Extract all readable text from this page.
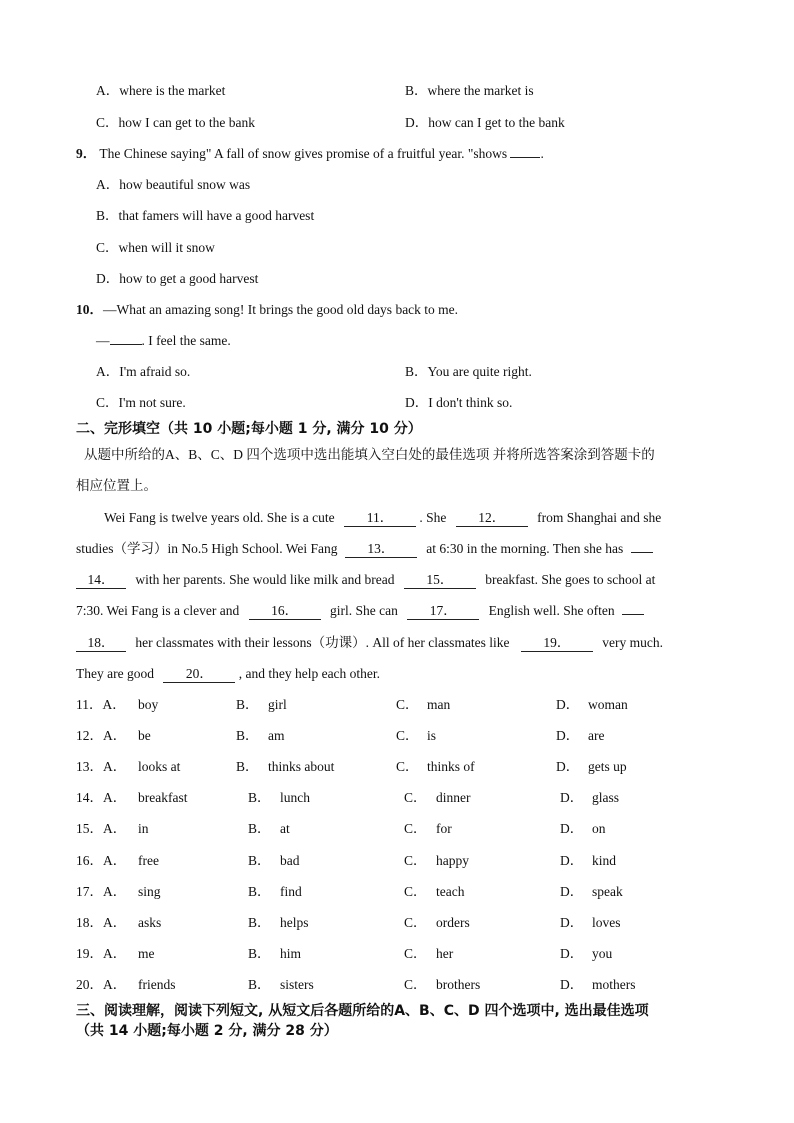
A．where is the market	B．where the market is
C．how I can get to the bank	D．how can I get to the bank
9． The Chinese saying" A fall of snow gives promise of a fruitful year. "shows .
A．how beautiful snow was
B．that famers will have a good harvest
C．when will it snow
D．how to get a good harvest
10．—What an amazing song! It brings the good old days back to me.
— . I feel the same.
A．I'm afraid so.	B．You are quite right.
C．I'm not sure.	D．I don't think so.
二、完形填空（共 10 小题;每小题 1 分, 满分 10 分）
从题中所给的A、B、C、D 四个选项中选出能填入空白处的最佳选项 并将所选答案涂到答题卡的
相应位置上。
Wei Fang is twelve years old. She is a cute 11． . She 12． from Shanghai and she
studies（学习）in No.5 High School. Wei Fang 13． at 6:30 in the morning. Then she has
14． with her parents. She would like milk and bread 15． breakfast. She goes to school at
7:30. Wei Fang is a clever and 16． girl. She can 17． English well. She often
18． her classmates with their lessons（功课）. All of her classmates like	19． very much.
They are good 20． , and they help each other.
11．A． boy	B． girl	C． man	D． woman
12．A． be	B． am	C． is	D． are
13．A． looks at	B． thinks about	C． thinks of	D． gets up
14．A． breakfast	B． lunch	C． dinner	D． glass
15．A． in	B． at	C． for	D． on
16．A． free	B． bad	C． happy	D． kind
17．A． sing	B． find	C． teach	D． speak
18．A． asks	B． helps	C． orders	D． loves
19．A． me	B． him	C． her	D． you
20．A． friends	B． sisters	C． brothers	D． mothers
三、阅读理解，阅读下列短文, 从短文后各题所给的A、B、C、D 四个选项中, 选出最佳选项
（共 14 小题;每小题 2 分, 满分 28 分）
